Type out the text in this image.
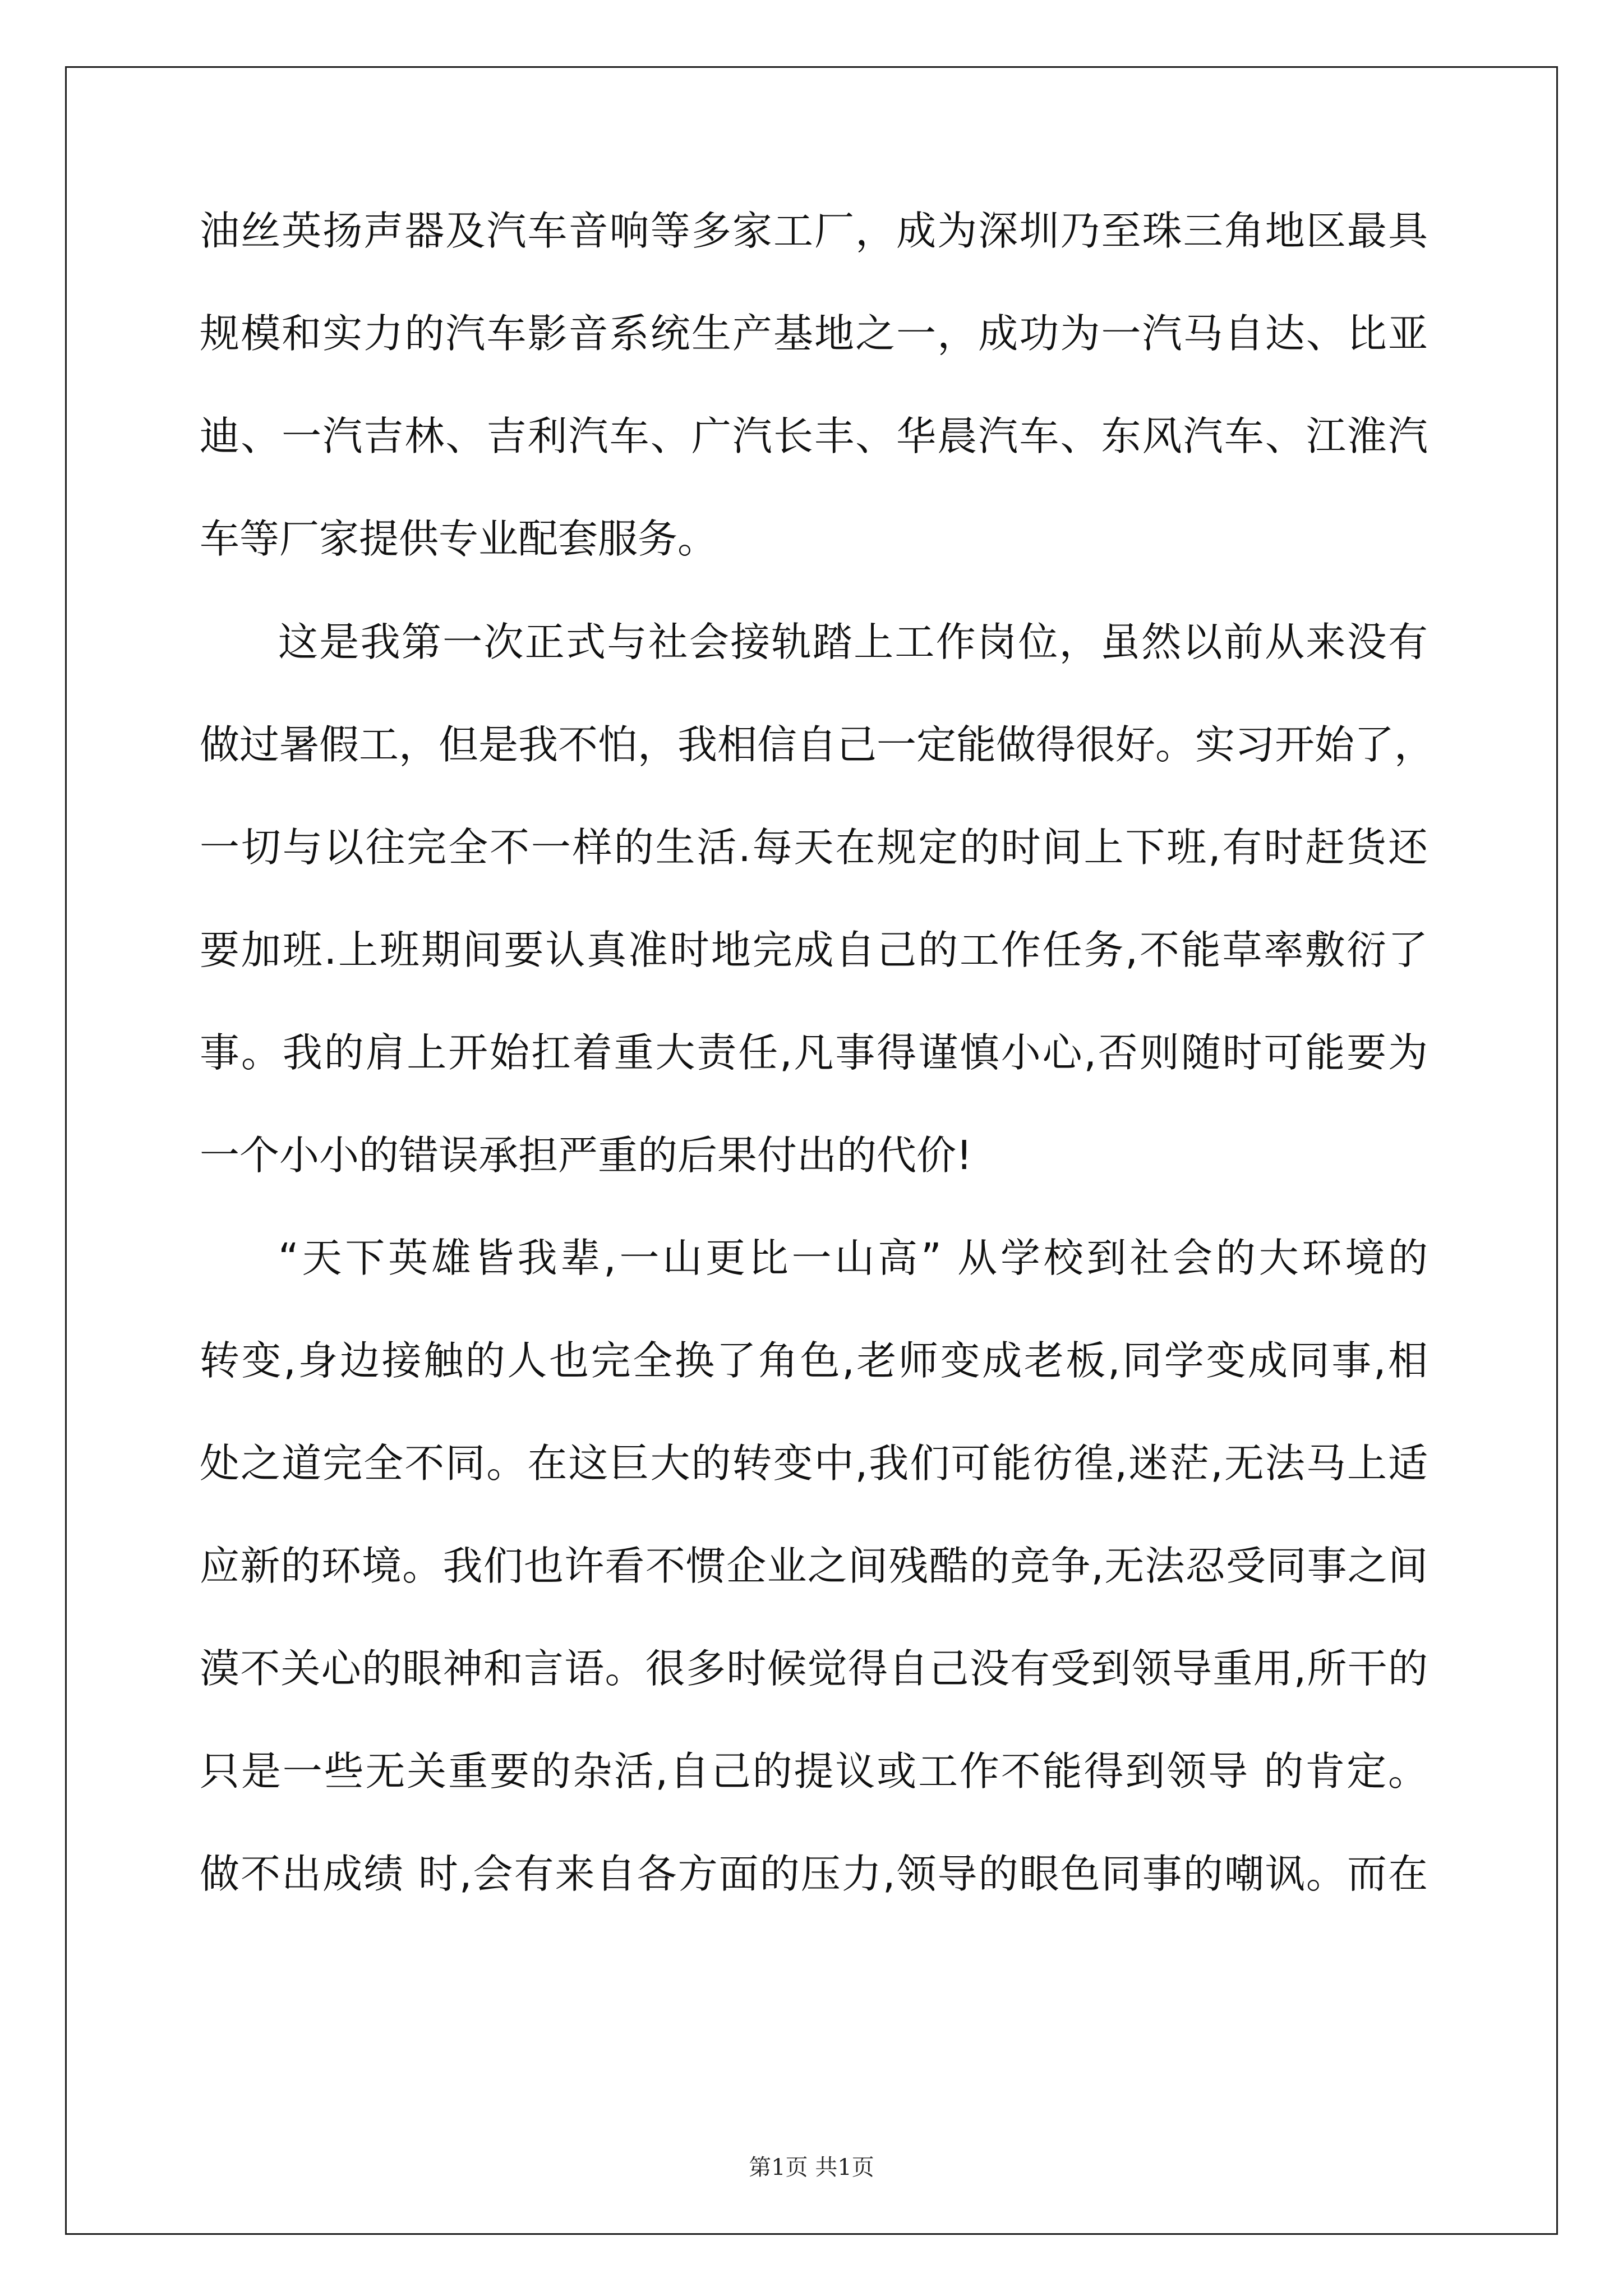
油丝英扬声器及汽车音响等多家工厂，成为深圳乃至珠三角地区最具
规模和实力的汽车影音系统生产基地之一，成功为一汽马自达、比亚
迪、一汽吉林、吉利汽车、广汽长丰、华晨汽车、东风汽车、江淮汽
车等厂家提供专业配套服务。
这是我第一次正式与社会接轨踏上工作岗位，虽然以前从来没有
做过暑假工，但是我不怕，我相信自己一定能做得很好。实习开始了，
一切与以往完全不一样的生活.每天在规定的时间上下班,有时赶货还
要加班.上班期间要认真准时地完成自己的工作任务,不能草率敷衍了
事。我的肩上开始扛着重大责任,凡事得谨慎小心,否则随时可能要为
一个小小的错误承担严重的后果付出的代价!
“天下英雄皆我辈,一山更比一山高” 从学校到社会的大环境的
转变,身边接触的人也完全换了角色,老师变成老板,同学变成同事,相
处之道完全不同。在这巨大的转变中,我们可能彷徨,迷茫,无法马上适
应新的环境。我们也许看不惯企业之间残酷的竞争,无法忍受同事之间
漠不关心的眼神和言语。很多时候觉得自己没有受到领导重用,所干的
只是一些无关重要的杂活,自己的提议或工作不能得到领导 的肯定。
做不出成绩 时,会有来自各方面的压力,领导的眼色同事的嘲讽。而在
第1页 共1页
